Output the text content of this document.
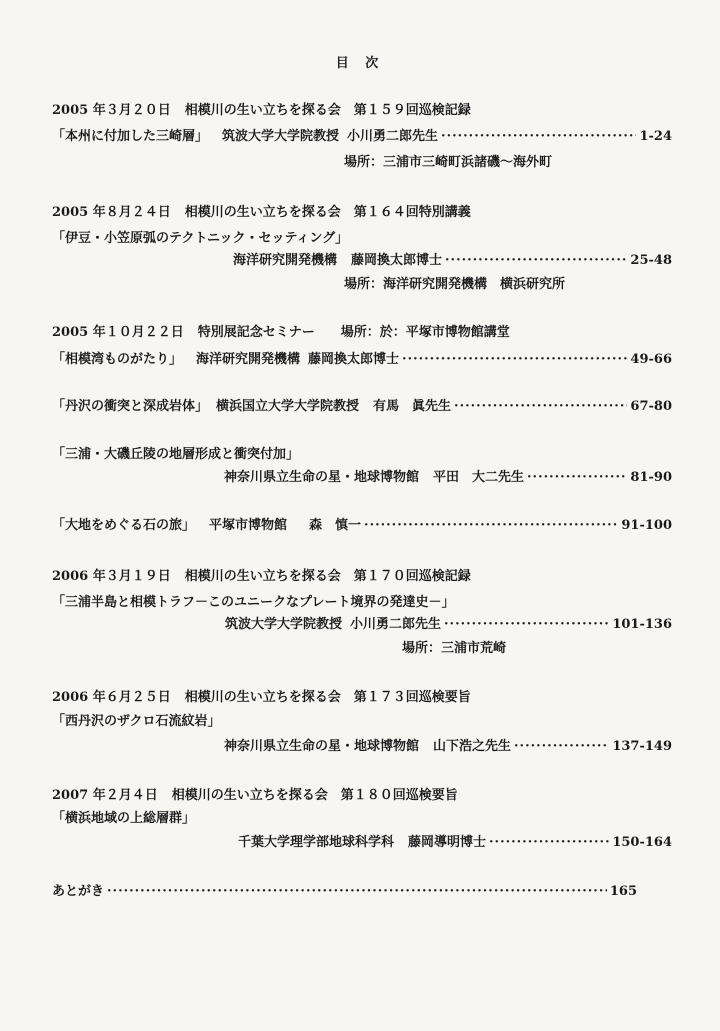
目 次
2005 年３月２０日 相模川の生い立ちを探る会　第１５９回巡検記録
「本州に付加した三崎層」 筑波大学大学院教授 小川勇二郎先生 ·····	1-24
場所：三浦市三崎町浜諸磯～海外町
2005 年８月２４日 相模川の生い立ちを探る会　第１６４回特別講義
「伊豆・小笠原弧のテクトニック・セッティング」
海洋研究開発機構 藤岡換太郎博士 ·····	25-48
場所：海洋研究開発機構　横浜研究所
2005 年１０月２２日 特別展記念セミナー　　場所：於：平塚市博物館講堂
「相模湾ものがたり」 海洋研究開発機構 藤岡換太郎博士 ·····	49-66
「丹沢の衝突と深成岩体」 横浜国立大学大学院教授 有馬　眞先生 ·····	67-80
「三浦・大磯丘陵の地層形成と衝突付加」
神奈川県立生命の星・地球博物館 平田　大二先生 ·····	81-90
「大地をめぐる石の旅」 平塚市博物館 森　慎一 ·····	91-100
2006 年３月１９日 相模川の生い立ちを探る会　第１７０回巡検記録
「三浦半島と相模トラフ－このユニークなプレート境界の発達史－」
筑波大学大学院教授 小川勇二郎先生 ·····	101-136
場所：三浦市荒崎
2006 年６月２５日 相模川の生い立ちを探る会　第１７３回巡検要旨
「西丹沢のザクロ石流紋岩」
神奈川県立生命の星・地球博物館 山下浩之先生 ·····	137-149
2007 年２月４日 相模川の生い立ちを探る会　第１８０回巡検要旨
「横浜地域の上総層群」
千葉大学理学部地球科学科 藤岡導明博士 ·····	150-164
あとがき ·····	165
